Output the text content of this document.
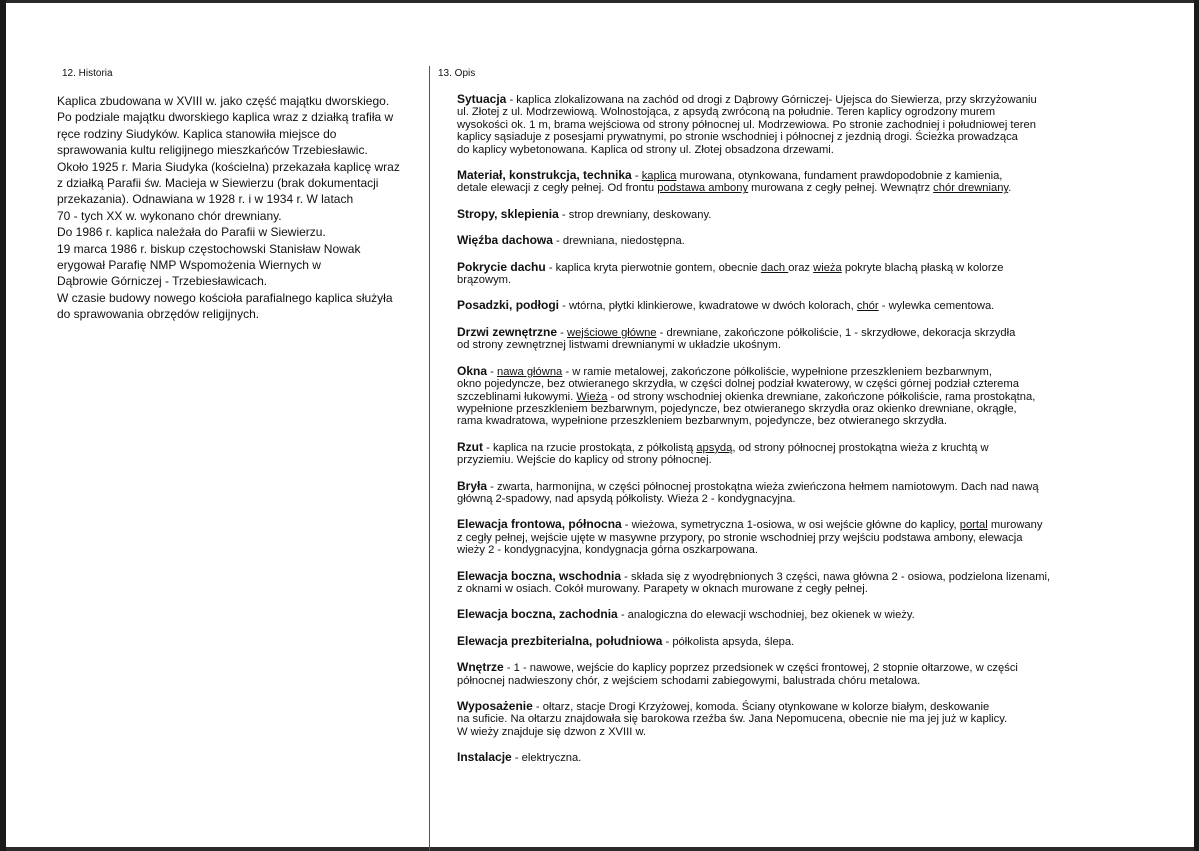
12. Historia

Kaplica zbudowana w XVIII w. jako część majątku dworskiego.

Po podziale majątku dworskiego kaplica wraz z działką trafiła w

ręce rodziny Siudyków. Kaplica stanowiła miejsce do

sprawowania kultu religijnego mieszkańców Trzebiesławic.

Około 1925 r. Maria Siudyka (kościelna) przekazała kaplicę wraz

z działką Parafii św. Macieja w Siewierzu (brak dokumentacji

przekazania). Odnawiana w 1928 r. i w 1934 r. W latach

70 - tych XX w. wykonano chór drewniany.

Do 1986 r. kaplica należała do Parafii w Siewierzu.

19 marca 1986 r. biskup częstochowski Stanisław Nowak

erygował Parafię NMP Wspomożenia Wiernych w

Dąbrowie Górniczej - Trzebiesławicach.

W czasie budowy nowego kościoła parafialnego kaplica służyła

do sprawowania obrzędów religijnych.

13. Opis

Sytuacja - kaplica zlokalizowana na zachód od drogi z Dąbrowy Górniczej- Ujejsca do Siewierza, przy skrzyżowaniu

ul. Złotej z ul. Modrzewiową. Wolnostojąca, z apsydą zwróconą na południe. Teren kaplicy ogrodzony murem

wysokości ok. 1 m, brama wejściowa od strony północnej ul. Modrzewiowa. Po stronie zachodniej i południowej teren

kaplicy sąsiaduje z posesjami prywatnymi, po stronie wschodniej i północnej z jezdnią drogi. Ścieżka prowadząca

do kaplicy wybetonowana. Kaplica od strony ul. Złotej obsadzona drzewami.

Materiał, konstrukcja, technika - kaplica murowana, otynkowana, fundament prawdopodobnie z kamienia,

detale elewacji z cegły pełnej. Od frontu podstawa ambony murowana z cegły pełnej. Wewnątrz chór drewniany.

Stropy, sklepienia - strop drewniany, deskowany.

Więźba dachowa - drewniana, niedostępna.

Pokrycie dachu - kaplica kryta pierwotnie gontem, obecnie dach oraz wieża pokryte blachą płaską w kolorze

brązowym.

Posadzki, podłogi - wtórna, płytki klinkierowe, kwadratowe w dwóch kolorach, chór - wylewka cementowa.

Drzwi zewnętrzne - wejściowe główne - drewniane, zakończone półkoliście, 1 - skrzydłowe, dekoracja skrzydła

od strony zewnętrznej listwami drewnianymi w układzie ukośnym.

Okna - nawa główna - w ramie metalowej, zakończone półkoliście, wypełnione przeszkleniem bezbarwnym,

okno pojedyncze, bez otwieranego skrzydła, w części dolnej podział kwaterowy, w części górnej podział czterema

szczeblinami łukowymi. Wieża - od strony wschodniej okienka drewniane, zakończone półkoliście, rama prostokątna,

wypełnione przeszkleniem bezbarwnym, pojedyncze, bez otwieranego skrzydła oraz okienko drewniane, okrągłe,

rama kwadratowa, wypełnione przeszkleniem bezbarwnym, pojedyncze, bez otwieranego skrzydła.

Rzut - kaplica na rzucie prostokąta, z półkolistą apsydą, od strony północnej prostokątna wieża z kruchtą w

przyziemiu. Wejście do kaplicy od strony północnej.

Bryła - zwarta, harmonijna, w części północnej prostokątna wieża zwieńczona hełmem namiotowym. Dach nad nawą

główną 2-spadowy, nad apsydą półkolisty. Wieża 2 - kondygnacyjna.

Elewacja frontowa, północna - wieżowa, symetryczna 1-osiowa, w osi wejście główne do kaplicy, portal murowany

z cegły pełnej, wejście ujęte w masywne przypory, po stronie wschodniej przy wejściu podstawa ambony, elewacja

wieży 2 - kondygnacyjna, kondygnacja górna oszkarpowana.

Elewacja boczna, wschodnia - składa się z wyodrębnionych 3 części, nawa główna 2 - osiowa, podzielona lizenami,

z oknami w osiach. Cokół murowany. Parapety w oknach murowane z cegły pełnej.

Elewacja boczna, zachodnia - analogiczna do elewacji wschodniej, bez okienek w wieży.

Elewacja prezbiterialna, południowa - półkolista apsyda, ślepa.

Wnętrze - 1 - nawowe, wejście do kaplicy poprzez przedsionek w części frontowej, 2 stopnie ołtarzowe, w części

północnej nadwieszony chór, z wejściem schodami zabiegowymi, balustrada chóru metalowa.

Wyposażenie - ołtarz, stacje Drogi Krzyżowej, komoda. Ściany otynkowane w kolorze białym, deskowanie

na suficie. Na ołtarzu znajdowała się barokowa rzeźba św. Jana Nepomucena, obecnie nie ma jej już w kaplicy.

W wieży znajduje się dzwon z XVIII w.

Instalacje - elektryczna.
